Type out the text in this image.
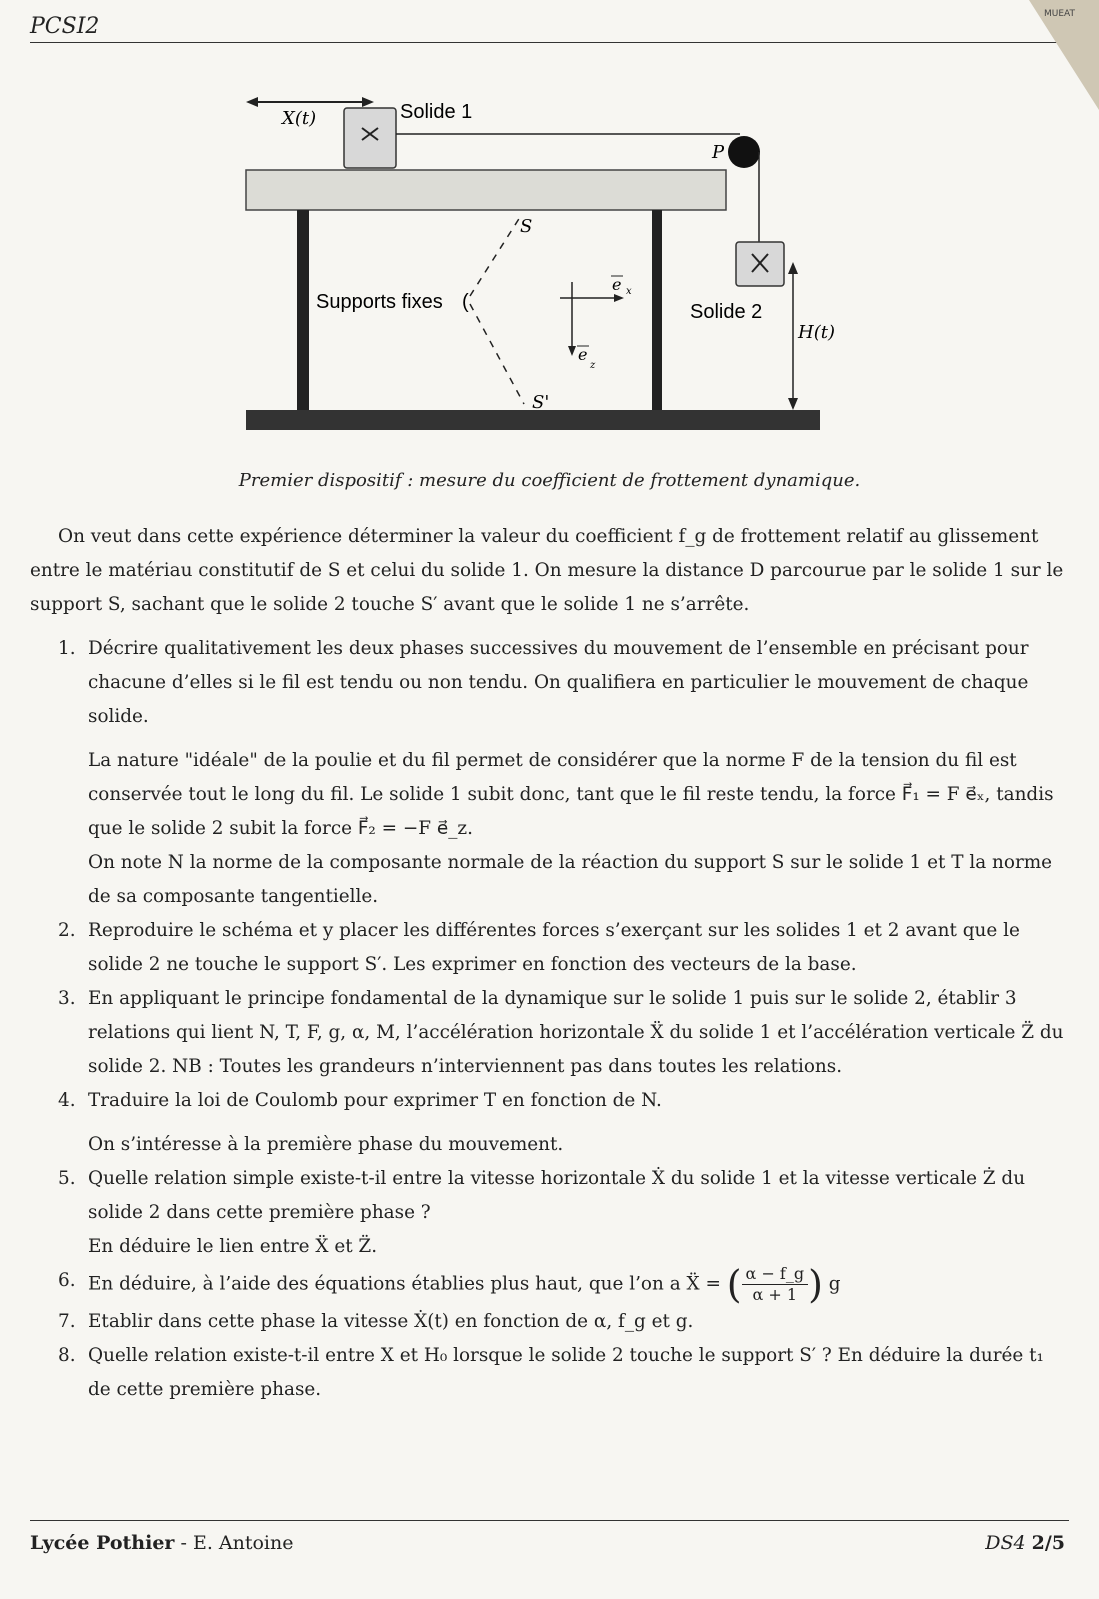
PCSI2	MUEAT
X(t)	Solide 1
P
Solide 2
H(t)
Supports fixes (
S
S'
e x
e
z
Premier dispositif : mesure du coefficient de frottement dynamique.

On veut dans cette expérience déterminer la valeur du coefficient f_g de frottement relatif au glissement entre le matériau constitutif de S et celui du solide 1. On mesure la distance D parcourue par le solide 1 sur le support S, sachant que le solide 2 touche S′ avant que le solide 1 ne s’arrête.

1. Décrire qualitativement les deux phases successives du mouvement de l’ensemble en précisant pour chacune d’elles si le fil est tendu ou non tendu. On qualifiera en particulier le mouvement de chaque solide.

La nature "idéale" de la poulie et du fil permet de considérer que la norme F de la tension du fil est conservée tout le long du fil. Le solide 1 subit donc, tant que le fil reste tendu, la force F⃗₁ = F e⃗ₓ, tandis que le solide 2 subit la force F⃗₂ = −F e⃗_z.

On note N la norme de la composante normale de la réaction du support S sur le solide 1 et T la norme de sa composante tangentielle.

2. Reproduire le schéma et y placer les différentes forces s’exerçant sur les solides 1 et 2 avant que le solide 2 ne touche le support S′. Les exprimer en fonction des vecteurs de la base.
3. En appliquant le principe fondamental de la dynamique sur le solide 1 puis sur le solide 2, établir 3 relations qui lient N, T, F, g, α, M, l’accélération horizontale Ẍ du solide 1 et l’accélération verticale Z̈ du solide 2. NB : Toutes les grandeurs n’interviennent pas dans toutes les relations.
4. Traduire la loi de Coulomb pour exprimer T en fonction de N.

On s’intéresse à la première phase du mouvement.

5. Quelle relation simple existe-t-il entre la vitesse horizontale Ẋ du solide 1 et la vitesse verticale Ż du solide 2 dans cette première phase ?

En déduire le lien entre Ẍ et Z̈.

6. En déduire, à l’aide des équations établies plus haut, que l’on a Ẍ = ( $\frac{\alpha - f\_g}{\alpha + 1}$ ) g
7. Etablir dans cette phase la vitesse Ẋ(t) en fonction de α, f_g et g.
8. Quelle relation existe-t-il entre X et H₀ lorsque le solide 2 touche le support S′ ? En déduire la durée t₁ de cette première phase.
Lycée Pothier - E. Antoine	DS4 2/5
